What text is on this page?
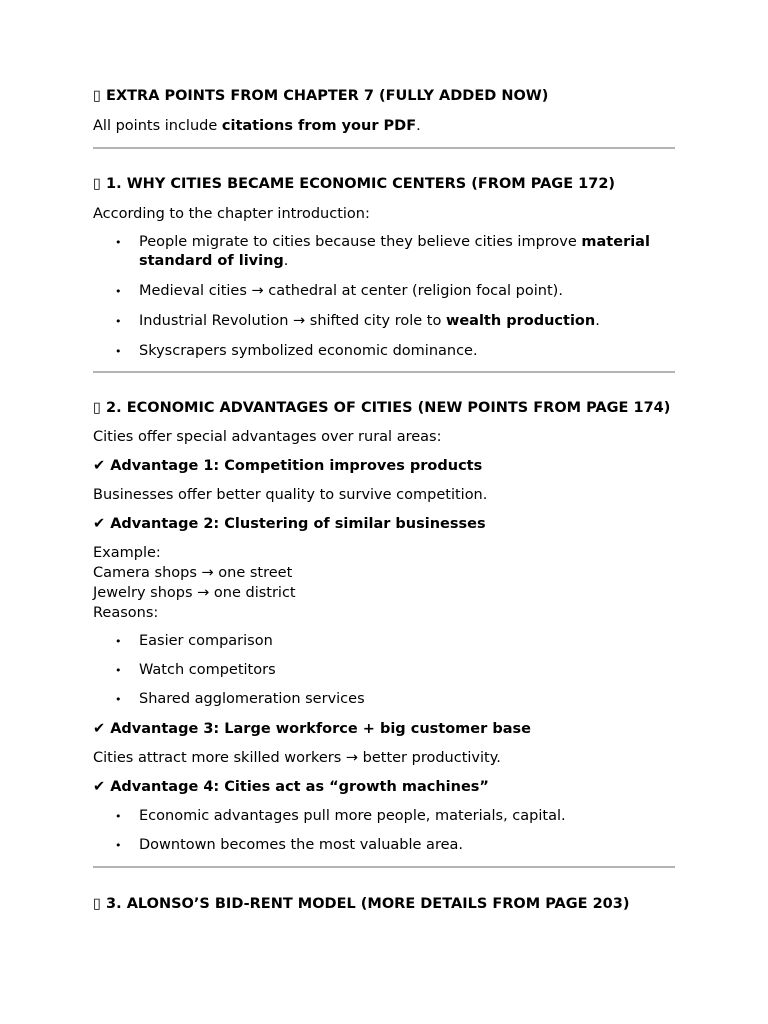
▯ EXTRA POINTS FROM CHAPTER 7 (FULLY ADDED NOW)

All points include citations from your PDF.

▯ 1. WHY CITIES BECAME ECONOMIC CENTERS (FROM PAGE 172)

According to the chapter introduction:

• People migrate to cities because they believe cities improve material standard of living.
• Medieval cities → cathedral at center (religion focal point).
• Industrial Revolution → shifted city role to wealth production.
• Skyscrapers symbolized economic dominance.

▯ 2. ECONOMIC ADVANTAGES OF CITIES (NEW POINTS FROM PAGE 174)

Cities offer special advantages over rural areas:

✔ Advantage 1: Competition improves products

Businesses offer better quality to survive competition.

✔ Advantage 2: Clustering of similar businesses

Example:

Camera shops → one street

Jewelry shops → one district

Reasons:

• Easier comparison
• Watch competitors
• Shared agglomeration services

✔ Advantage 3: Large workforce + big customer base

Cities attract more skilled workers → better productivity.

✔ Advantage 4: Cities act as “growth machines”

• Economic advantages pull more people, materials, capital.
• Downtown becomes the most valuable area.

▯ 3. ALONSO’S BID-RENT MODEL (MORE DETAILS FROM PAGE 203)
